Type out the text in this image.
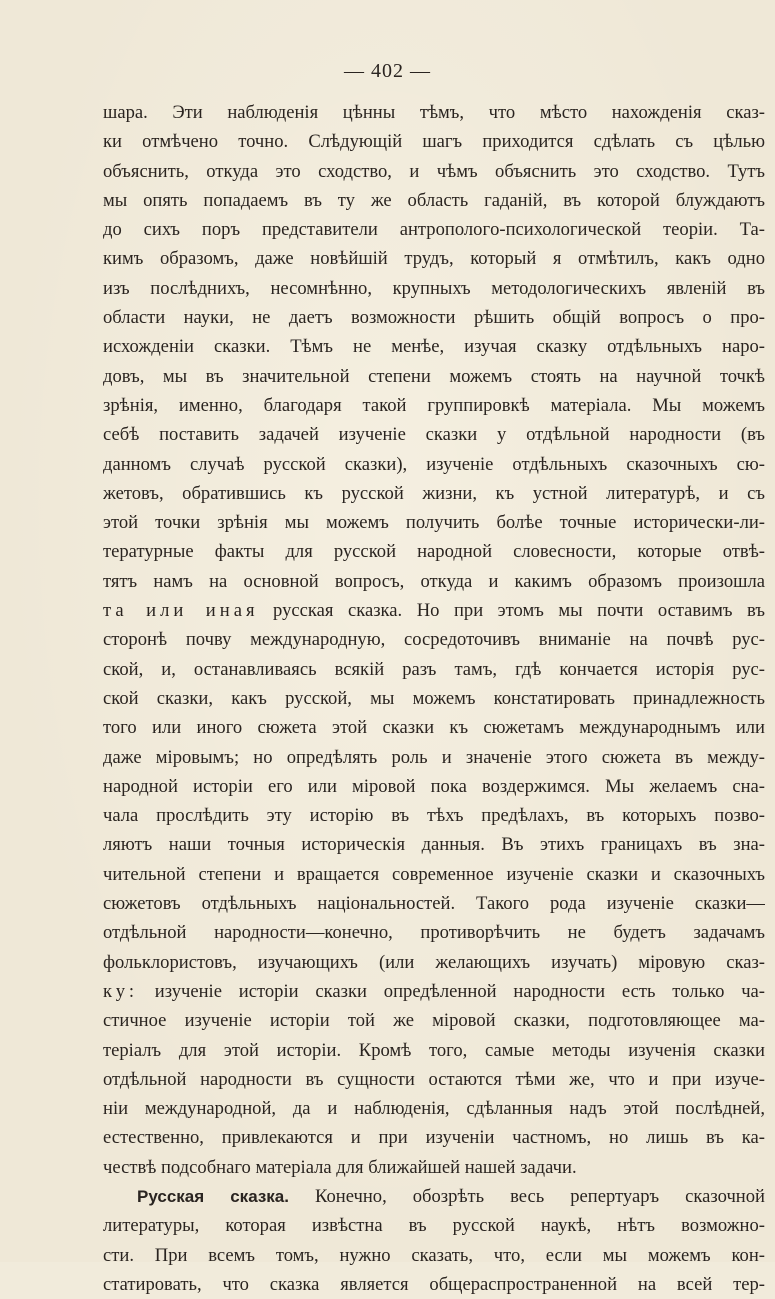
— 402 —
шара. Эти наблюденія цѣнны тѣмъ, что мѣсто нахожденія сказ-
ки отмѣчено точно. Слѣдующій шагъ приходится сдѣлать съ цѣлью
объяснить, откуда это сходство, и чѣмъ объяснить это сходство. Тутъ
мы опять попадаемъ въ ту же область гаданій, въ которой блуждаютъ
до сихъ поръ представители антропологo-психологической теоріи. Та-
кимъ образомъ, даже новѣйшій трудъ, который я отмѣтилъ, какъ одно
изъ послѣднихъ, несомнѣнно, крупныхъ методологическихъ явленій въ
области науки, не даетъ возможности рѣшить общій вопросъ о про-
исхожденіи сказки. Тѣмъ не менѣе, изучая сказку отдѣльныхъ наро-
довъ, мы въ значительной степени можемъ стоять на научной точкѣ
зрѣнія, именно, благодаря такой группировкѣ матеріала. Мы можемъ
себѣ поставить задачей изученіе сказки у отдѣльной народности (въ
данномъ случаѣ русской сказки), изученіе отдѣльныхъ сказочныхъ сю-
жетовъ, обратившись къ русской жизни, къ устной литературѣ, и съ
этой точки зрѣнія мы можемъ получить болѣе точные исторически-ли-
тературные факты для русской народной словесности, которые отвѣ-
тятъ намъ на основной вопросъ, откуда и какимъ образомъ произошла
та или иная русская сказка. Но при этомъ мы почти оставимъ въ
сторонѣ почву международную, сосредоточивъ вниманіе на почвѣ рус-
ской, и, останавливаясь всякій разъ тамъ, гдѣ кончается исторія рус-
ской сказки, какъ русской, мы можемъ констатировать принадлежность
того или иного сюжета этой сказки къ сюжетамъ международнымъ или
даже міровымъ; но опредѣлять роль и значеніе этого сюжета въ между-
народной исторіи его или міровой пока воздержимся. Мы желаемъ сна-
чала прослѣдить эту исторію въ тѣхъ предѣлахъ, въ которыхъ позво-
ляютъ наши точныя историческія данныя. Въ этихъ границахъ въ зна-
чительной степени и вращается современное изученіе сказки и сказочныхъ
сюжетовъ отдѣльныхъ національностей. Такого рода изученіе сказки—
отдѣльной народности—конечно, противорѣчить не будетъ задачамъ
фольклористовъ, изучающихъ (или желающихъ изучать) міровую сказ-
ку: изученіе исторіи сказки опредѣленной народности есть только ча-
стичное изученіе исторіи той же міровой сказки, подготовляющее ма-
теріалъ для этой исторіи. Кромѣ того, самые методы изученія сказки
отдѣльной народности въ сущности остаются тѣми же, что и при изуче-
ніи международной, да и наблюденія, сдѣланныя надъ этой послѣдней,
естественно, привлекаются и при изученіи частномъ, но лишь въ ка-
чествѣ подсобнаго матеріала для ближайшей нашей задачи.
Русская сказка. Конечно, обозрѣть весь репертуаръ сказочной
литературы, которая извѣстна въ русской наукѣ, нѣтъ возможно-
сти. При всемъ томъ, нужно сказать, что, если мы можемъ кон-
статировать, что сказка является общераспространенной на всей тер-
